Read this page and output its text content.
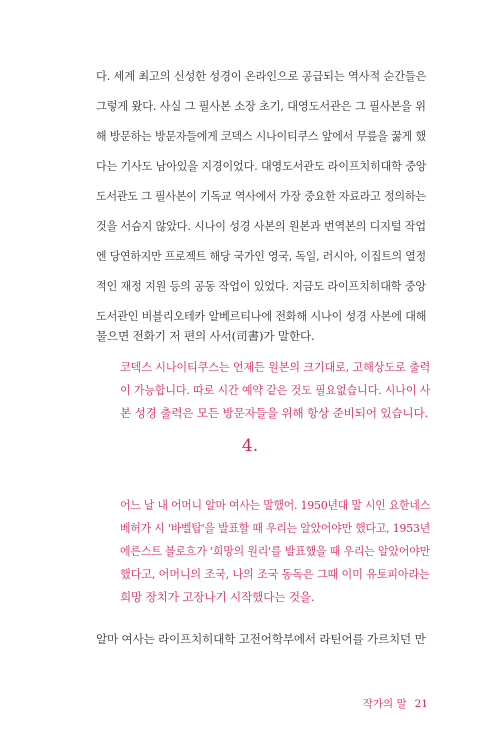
다. 세계 최고의 신성한 성경이 온라인으로 공급되는 역사적 순간들은
그렇게 왔다. 사실 그 필사본 소장 초기, 대영도서관은 그 필사본을 위
해 방문하는 방문자들에게 코덱스 시나이티쿠스 앞에서 무릎을 꿇게 했
다는 기사도 남아있을 지경이었다. 대영도서관도 라이프치히대학 중앙
도서관도 그 필사본이 기독교 역사에서 가장 중요한 자료라고 정의하는
것을 서슴지 않았다. 시나이 성경 사본의 원본과 번역본의 디지털 작업
엔 당연하지만 프로젝트 해당 국가인 영국, 독일, 러시아, 이집트의 열정
적인 재정 지원 등의 공동 작업이 있었다. 지금도 라이프치히대학 중앙
도서관인 비블리오테카 알베르티나에 전화해 시나이 성경 사본에 대해
물으면 전화기 저 편의 사서(司書)가 말한다.
코덱스 시나이티쿠스는 언제든 원본의 크기대로, 고해상도로 출력
이 가능합니다. 따로 시간 예약 같은 것도 필요없습니다. 시나이 사
본 성경 출력은 모든 방문자들을 위해 항상 준비되어 있습니다.
4.
어느 날 내 어머니 알마 여사는 말했어. 1950년대 말 시인 요한네스
베허가 시 '바벨탑'을 발표할 때 우리는 알았어야만 했다고, 1953년
에른스트 블로흐가 '희망의 원리'를 발표했을 때 우리는 알았어야만
했다고, 어머니의 조국, 나의 조국 동독은 그때 이미 유토피아라는
희망 장치가 고장나기 시작했다는 것을.
알마 여사는 라이프치히대학 고전어학부에서 라틴어를 가르치던 만
작가의 말 21
